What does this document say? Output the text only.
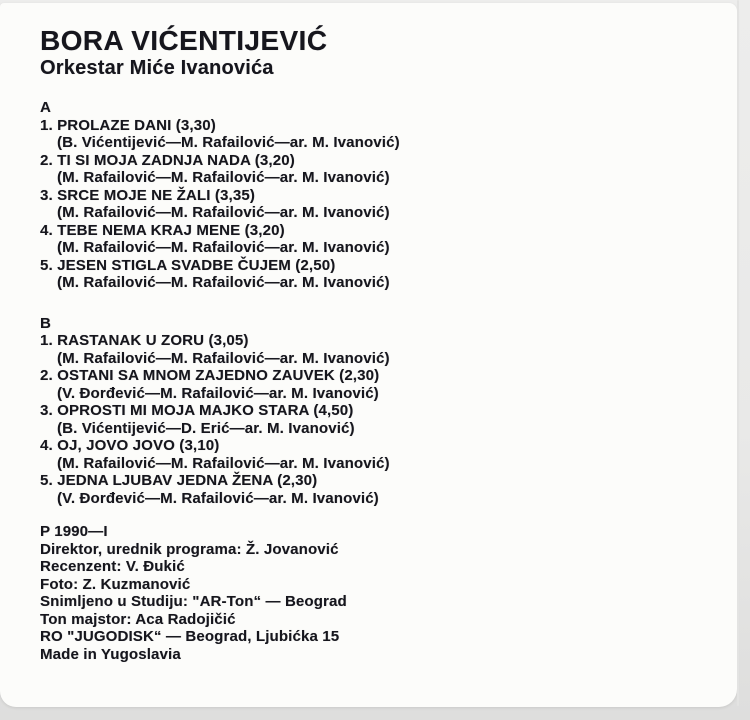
BORA VIĆENTIJEVIĆ
Orkestar Miće Ivanovića
A
1. PROLAZE DANI (3,30)
(B. Vićentijević—M. Rafailović—ar. M. Ivanović)
2. TI SI MOJA ZADNJA NADA (3,20)
(M. Rafailović—M. Rafailović—ar. M. Ivanović)
3. SRCE MOJE NE ŽALI (3,35)
(M. Rafailović—M. Rafailović—ar. M. Ivanović)
4. TEBE NEMA KRAJ MENE (3,20)
(M. Rafailović—M. Rafailović—ar. M. Ivanović)
5. JESEN STIGLA SVADBE ČUJEM (2,50)
(M. Rafailović—M. Rafailović—ar. M. Ivanović)
B
1. RASTANAK U ZORU (3,05)
(M. Rafailović—M. Rafailović—ar. M. Ivanović)
2. OSTANI SA MNOM ZAJEDNO ZAUVEK (2,30)
(V. Đorđević—M. Rafailović—ar. M. Ivanović)
3. OPROSTI MI MOJA MAJKO STARA (4,50)
(B. Vićentijević—D. Erić—ar. M. Ivanović)
4. OJ, JOVO JOVO (3,10)
(M. Rafailović—M. Rafailović—ar. M. Ivanović)
5. JEDNA LJUBAV JEDNA ŽENA (2,30)
(V. Đorđević—M. Rafailović—ar. M. Ivanović)
P 1990—I
Direktor, urednik programa: Ž. Jovanović
Recenzent: V. Đukić
Foto: Z. Kuzmanović
Snimljeno u Studiju: "AR-Ton“ — Beograd
Ton majstor: Aca Radojičić
RO "JUGODISK“ — Beograd, Ljubićka 15
Made in Yugoslavia
